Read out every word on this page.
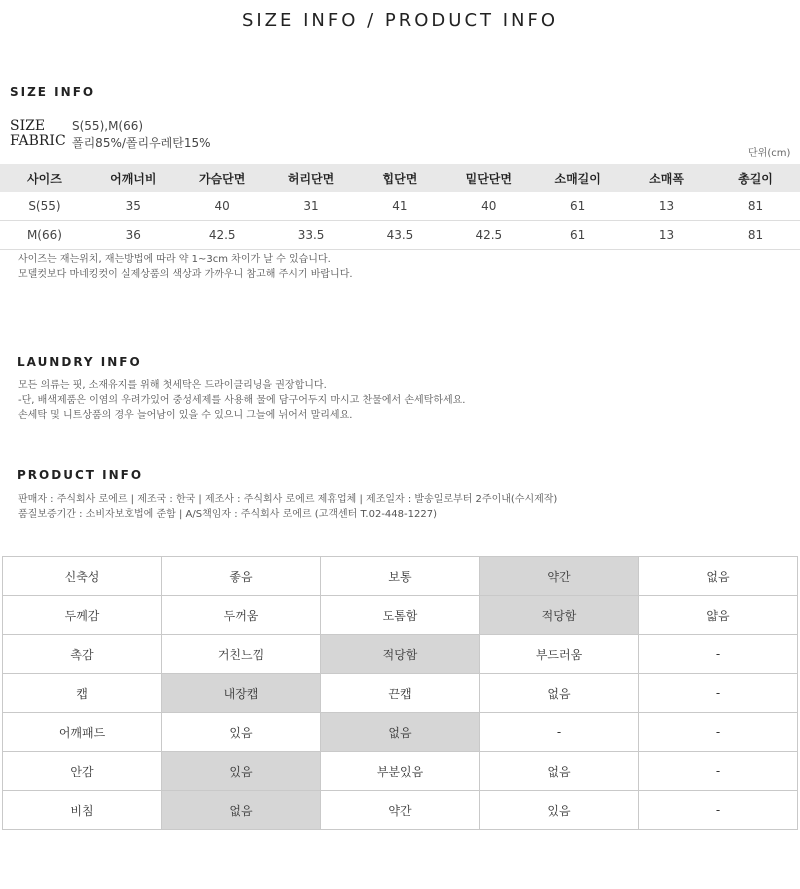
SIZE INFO / PRODUCT INFO
SIZE INFO
SIZE S(55),M(66)
FABRIC 폴리85%/폴리우레탄15%
단위(cm)
사이즈	어깨너비	가슴단면	허리단면	힙단면	밑단단면	소매길이	소매폭	총길이
S(55)	35	40	31	41	40	61	13	81
M(66)	36	42.5	33.5	43.5	42.5	61	13	81
사이즈는 재는위치, 재는방법에 따라 약 1~3cm 차이가 날 수 있습니다.
모델컷보다 마네킹컷이 실제상품의 색상과 가까우니 참고해 주시기 바랍니다.
LAUNDRY INFO
모든 의류는 핏, 소재유지를 위해 첫세탁은 드라이클리닝을 권장합니다.
-단, 배색제품은 이염의 우려가있어 중성세제를 사용해 물에 담구어두지 마시고 찬물에서 손세탁하세요.
손세탁 및 니트상품의 경우 늘어남이 있을 수 있으니 그늘에 뉘어서 말리세요.
PRODUCT INFO
판매자 : 주식회사 로에르 | 제조국 : 한국 | 제조사 : 주식회사 로에르 제휴업체 | 제조일자 : 발송일로부터 2주이내(수시제작)
품질보증기간 : 소비자보호법에 준함 | A/S책임자 : 주식회사 로에르 (고객센터 T.02-448-1227)
신축성	좋음	보통	약간	없음
두께감	두꺼움	도톰함	적당함	얇음
촉감	거친느낌	적당함	부드러움	-
캡	내장캡	끈캡	없음	-
어깨패드	있음	없음	-	-
안감	있음	부분있음	없음	-
비침	없음	약간	있음	-
